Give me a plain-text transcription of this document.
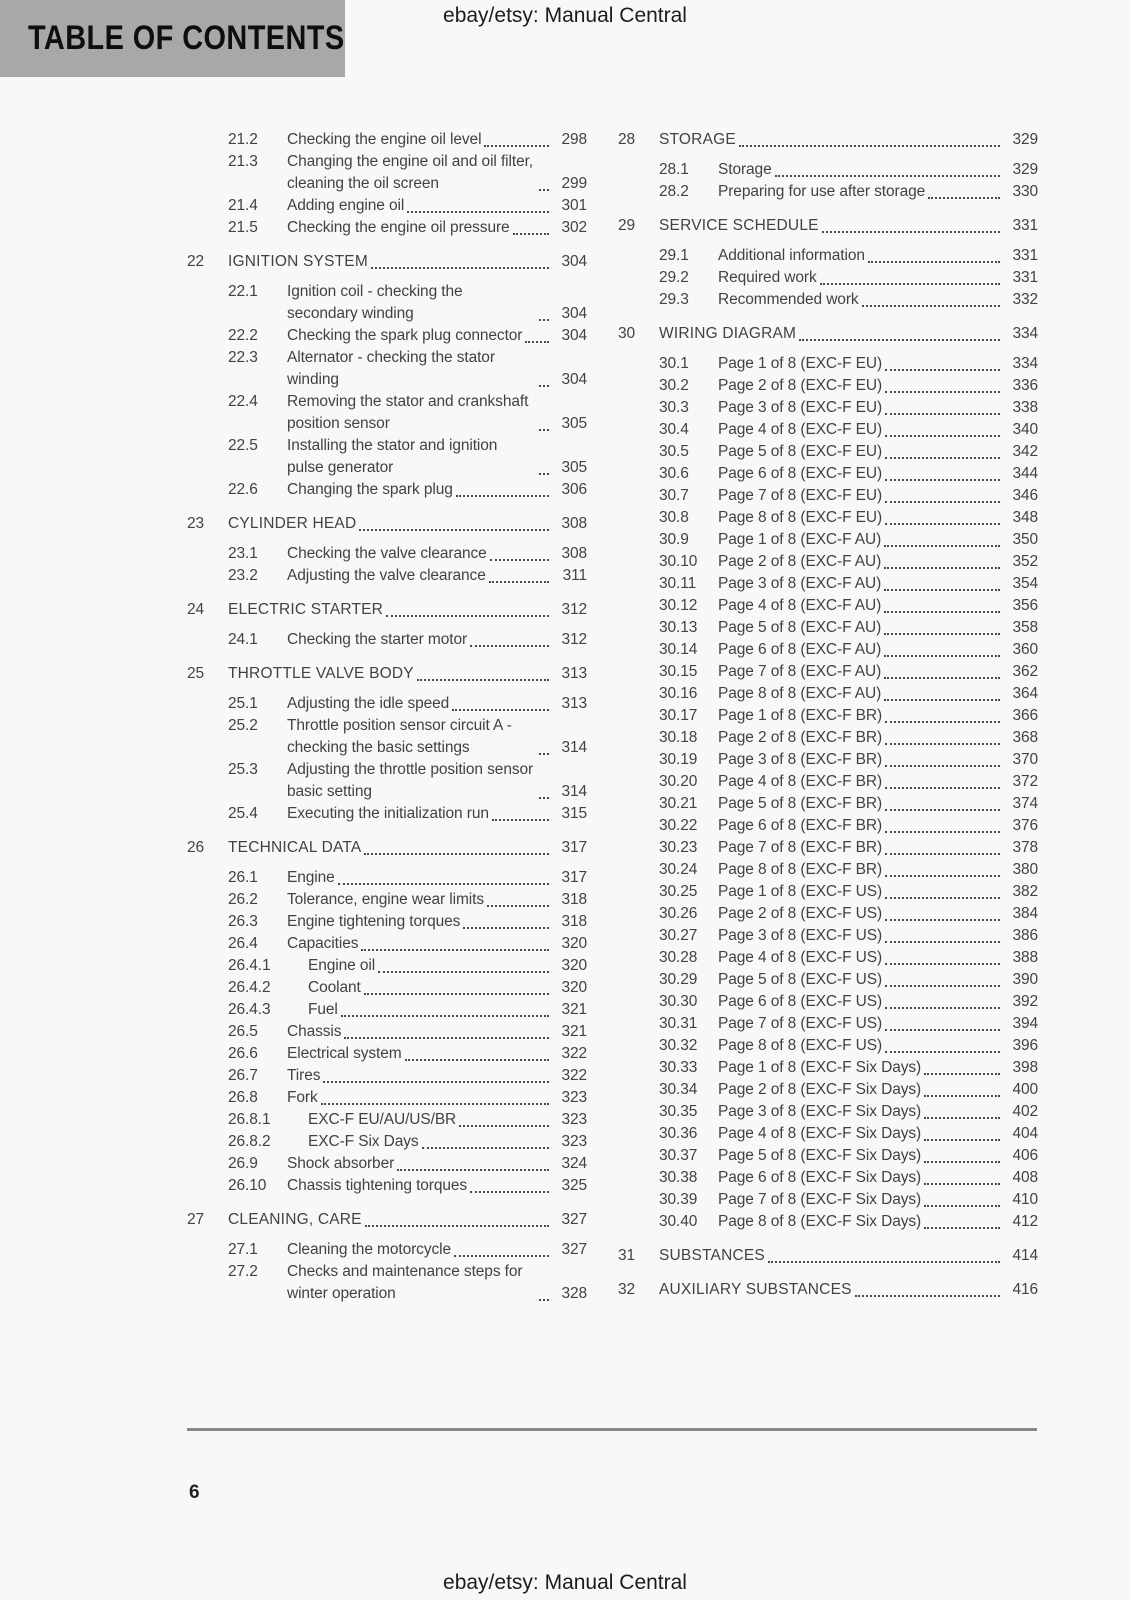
ebay/etsy: Manual Central
TABLE OF CONTENTS
21.2	Checking the engine oil level	298
21.3	Changing the engine oil and oil filter, cleaning the oil screen	299
21.4	Adding engine oil	301
21.5	Checking the engine oil pressure	302
22	IGNITION SYSTEM	304
22.1	Ignition coil - checking the secondary winding	304
22.2	Checking the spark plug connector	304
22.3	Alternator - checking the stator winding	304
22.4	Removing the stator and crankshaft position sensor	305
22.5	Installing the stator and ignition pulse generator	305
22.6	Changing the spark plug	306
23	CYLINDER HEAD	308
23.1	Checking the valve clearance	308
23.2	Adjusting the valve clearance	311
24	ELECTRIC STARTER	312
24.1	Checking the starter motor	312
25	THROTTLE VALVE BODY	313
25.1	Adjusting the idle speed	313
25.2	Throttle position sensor circuit A - checking the basic settings	314
25.3	Adjusting the throttle position sensor basic setting	314
25.4	Executing the initialization run	315
26	TECHNICAL DATA	317
26.1	Engine	317
26.2	Tolerance, engine wear limits	318
26.3	Engine tightening torques	318
26.4	Capacities	320
26.4.1	Engine oil	320
26.4.2	Coolant	320
26.4.3	Fuel	321
26.5	Chassis	321
26.6	Electrical system	322
26.7	Tires	322
26.8	Fork	323
26.8.1	EXC-F EU/AU/US/BR	323
26.8.2	EXC-F Six Days	323
26.9	Shock absorber	324
26.10	Chassis tightening torques	325
27	CLEANING, CARE	327
27.1	Cleaning the motorcycle	327
27.2	Checks and maintenance steps for winter operation	328
28	STORAGE	329
28.1	Storage	329
28.2	Preparing for use after storage	330
29	SERVICE SCHEDULE	331
29.1	Additional information	331
29.2	Required work	331
29.3	Recommended work	332
30	WIRING DIAGRAM	334
30.1	Page 1 of 8 (EXC-F EU)	334
30.2	Page 2 of 8 (EXC-F EU)	336
30.3	Page 3 of 8 (EXC-F EU)	338
30.4	Page 4 of 8 (EXC-F EU)	340
30.5	Page 5 of 8 (EXC-F EU)	342
30.6	Page 6 of 8 (EXC-F EU)	344
30.7	Page 7 of 8 (EXC-F EU)	346
30.8	Page 8 of 8 (EXC-F EU)	348
30.9	Page 1 of 8 (EXC-F AU)	350
30.10	Page 2 of 8 (EXC-F AU)	352
30.11	Page 3 of 8 (EXC-F AU)	354
30.12	Page 4 of 8 (EXC-F AU)	356
30.13	Page 5 of 8 (EXC-F AU)	358
30.14	Page 6 of 8 (EXC-F AU)	360
30.15	Page 7 of 8 (EXC-F AU)	362
30.16	Page 8 of 8 (EXC-F AU)	364
30.17	Page 1 of 8 (EXC-F BR)	366
30.18	Page 2 of 8 (EXC-F BR)	368
30.19	Page 3 of 8 (EXC-F BR)	370
30.20	Page 4 of 8 (EXC-F BR)	372
30.21	Page 5 of 8 (EXC-F BR)	374
30.22	Page 6 of 8 (EXC-F BR)	376
30.23	Page 7 of 8 (EXC-F BR)	378
30.24	Page 8 of 8 (EXC-F BR)	380
30.25	Page 1 of 8 (EXC-F US)	382
30.26	Page 2 of 8 (EXC-F US)	384
30.27	Page 3 of 8 (EXC-F US)	386
30.28	Page 4 of 8 (EXC-F US)	388
30.29	Page 5 of 8 (EXC-F US)	390
30.30	Page 6 of 8 (EXC-F US)	392
30.31	Page 7 of 8 (EXC-F US)	394
30.32	Page 8 of 8 (EXC-F US)	396
30.33	Page 1 of 8 (EXC-F Six Days)	398
30.34	Page 2 of 8 (EXC-F Six Days)	400
30.35	Page 3 of 8 (EXC-F Six Days)	402
30.36	Page 4 of 8 (EXC-F Six Days)	404
30.37	Page 5 of 8 (EXC-F Six Days)	406
30.38	Page 6 of 8 (EXC-F Six Days)	408
30.39	Page 7 of 8 (EXC-F Six Days)	410
30.40	Page 8 of 8 (EXC-F Six Days)	412
31	SUBSTANCES	414
32	AUXILIARY SUBSTANCES	416
6
ebay/etsy: Manual Central
